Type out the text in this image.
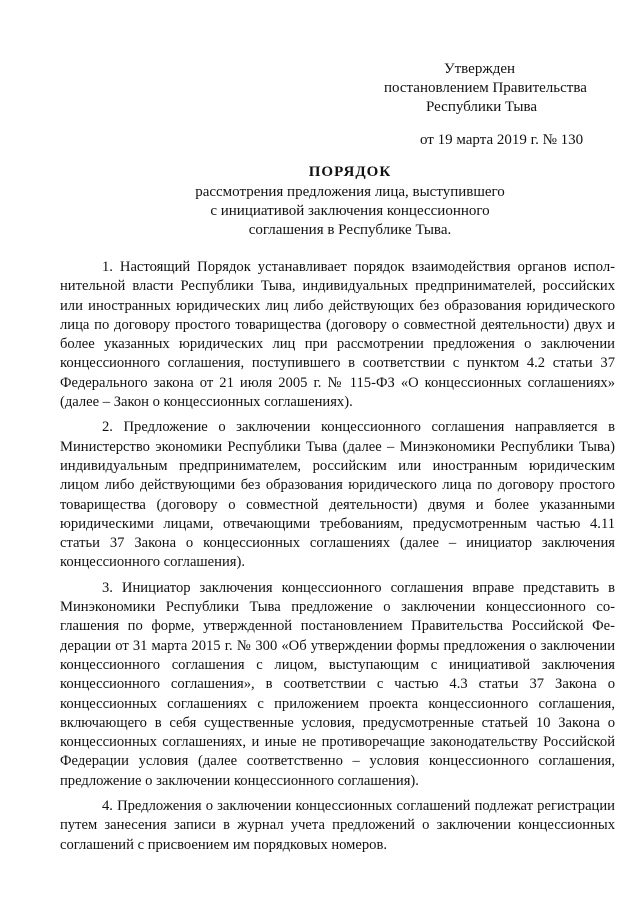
Утвержден
постановлением Правительства
Республики Тыва
от 19 марта 2019 г. № 130
ПОРЯДОК
рассмотрения предложения лица, выступившего
с инициативой заключения концессионного
соглашения в Республике Тыва.

1. Настоящий Порядок устанавливает порядок взаимодействия органов исполнительной власти Республики Тыва, индивидуальных предпринимателей, российских или иностранных юридических лиц либо действующих без образования юридического лица по договору простого товарищества (договору о совместной деятельности) двух и более указанных юридических лиц при рассмотрении предложения о заключении концессионного соглашения, поступившего в соответствии с пунктом 4.2 статьи 37 Федерального закона от 21 июля 2005 г. № 115-ФЗ «О концессионных соглашениях» (далее – Закон о концессионных соглашениях).

2. Предложение о заключении концессионного соглашения направляется в Министерство экономики Республики Тыва (далее – Минэкономики Республики Тыва) индивидуальным предпринимателем, российским или иностранным юридическим лицом либо действующими без образования юридического лица по договору простого товарищества (договору о совместной деятельности) двумя и более указанными юридическими лицами, отвечающими требованиям, предусмотренным частью 4.11 статьи 37 Закона о концессионных соглашениях (далее – инициатор заключения концессионного соглашения).

3. Инициатор заключения концессионного соглашения вправе представить в Минэкономики Республики Тыва предложение о заключении концессионного соглашения по форме, утвержденной постановлением Правительства Российской Федерации от 31 марта 2015 г. № 300 «Об утверждении формы предложения о заключении концессионного соглашения с лицом, выступающим с инициативой заключения концессионного соглашения», в соответствии с частью 4.3 статьи 37 Закона о концессионных соглашениях с приложением проекта концессионного соглашения, включающего в себя существенные условия, предусмотренные статьей 10 Закона о концессионных соглашениях, и иные не противоречащие законодательству Российской Федерации условия (далее соответственно – условия концессионного соглашения, предложение о заключении концессионного соглашения).

4. Предложения о заключении концессионных соглашений подлежат регистрации путем занесения записи в журнал учета предложений о заключении концессионных соглашений с присвоением им порядковых номеров.
